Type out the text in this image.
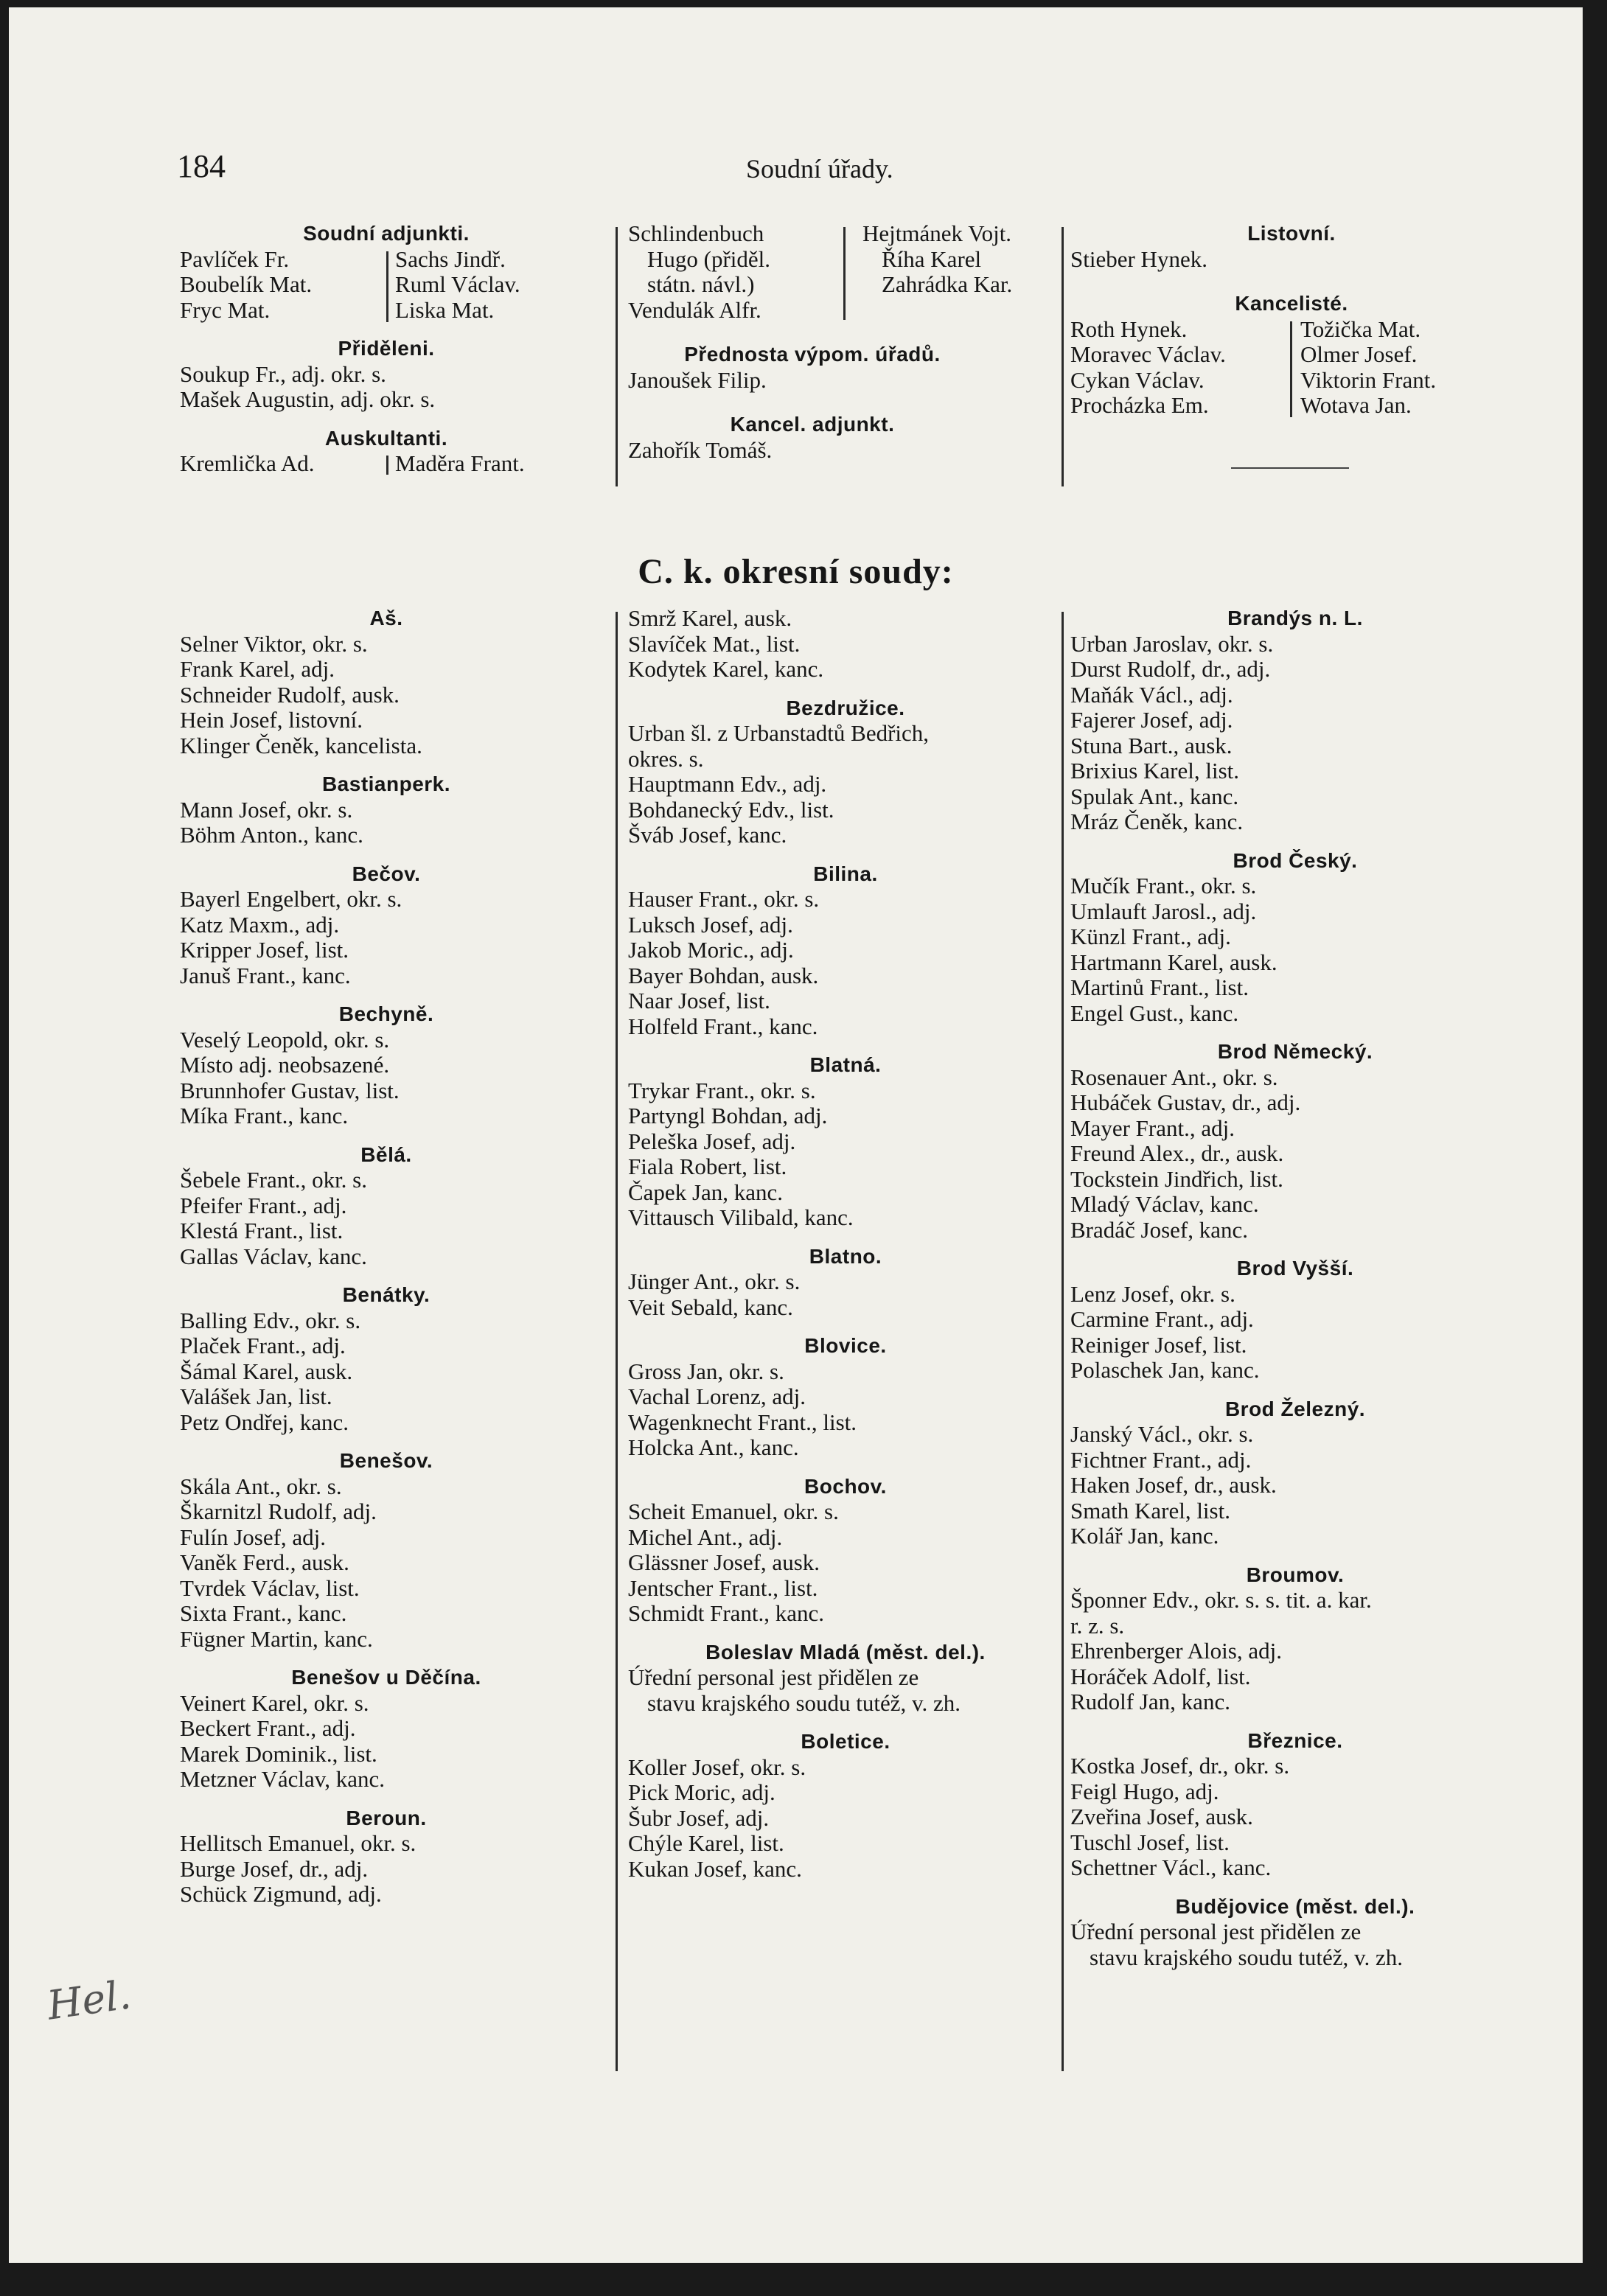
184	Soudní úřady.
Soudní adjunkti.
Pavlíček Fr.	Sachs Jindř.
Boubelík Mat.	Ruml Václav.
Fryc Mat.	Liska Mat.
Přiděleni.
Soukup Fr., adj. okr. s.
Mašek Augustin, adj. okr. s.
Auskultanti.
Kremlička Ad.	Maděra Frant.
Schlindenbuch	Hejtmánek Vojt.
Hugo (přiděl.	Říha Karel
státn. návl.)	Zahrádka Kar.
Vendulák Alfr.
Přednosta výpom. úřadů.
Janoušek Filip.
Kancel. adjunkt.
Zahořík Tomáš.
Listovní.
Stieber Hynek.
Kancelisté.
Roth Hynek.	Tožička Mat.
Moravec Václav.	Olmer Josef.
Cykan Václav.	Viktorin Frant.
Procházka Em.	Wotava Jan.
C. k. okresní soudy:
Aš.
Selner Viktor, okr. s.
Frank Karel, adj.
Schneider Rudolf, ausk.
Hein Josef, listovní.
Klinger Čeněk, kancelista.
Bastianperk.
Mann Josef, okr. s.
Böhm Anton., kanc.
Bečov.
Bayerl Engelbert, okr. s.
Katz Maxm., adj.
Kripper Josef, list.
Januš Frant., kanc.
Bechyně.
Veselý Leopold, okr. s.
Místo adj. neobsazené.
Brunnhofer Gustav, list.
Míka Frant., kanc.
Bělá.
Šebele Frant., okr. s.
Pfeifer Frant., adj.
Klestá Frant., list.
Gallas Václav, kanc.
Benátky.
Balling Edv., okr. s.
Plaček Frant., adj.
Šámal Karel, ausk.
Valášek Jan, list.
Petz Ondřej, kanc.
Benešov.
Skála Ant., okr. s.
Škarnitzl Rudolf, adj.
Fulín Josef, adj.
Vaněk Ferd., ausk.
Tvrdek Václav, list.
Sixta Frant., kanc.
Fügner Martin, kanc.
Benešov u Děčína.
Veinert Karel, okr. s.
Beckert Frant., adj.
Marek Dominik., list.
Metzner Václav, kanc.
Beroun.
Hellitsch Emanuel, okr. s.
Burge Josef, dr., adj.
Schück Zigmund, adj.
Smrž Karel, ausk.
Slavíček Mat., list.
Kodytek Karel, kanc.
Bezdružice.
Urban šl. z Urbanstadtů Bedřich,
okres. s.
Hauptmann Edv., adj.
Bohdanecký Edv., list.
Šváb Josef, kanc.
Bilina.
Hauser Frant., okr. s.
Luksch Josef, adj.
Jakob Moric., adj.
Bayer Bohdan, ausk.
Naar Josef, list.
Holfeld Frant., kanc.
Blatná.
Trykar Frant., okr. s.
Partyngl Bohdan, adj.
Peleška Josef, adj.
Fiala Robert, list.
Čapek Jan, kanc.
Vittausch Vilibald, kanc.
Blatno.
Jünger Ant., okr. s.
Veit Sebald, kanc.
Blovice.
Gross Jan, okr. s.
Vachal Lorenz, adj.
Wagenknecht Frant., list.
Holcka Ant., kanc.
Bochov.
Scheit Emanuel, okr. s.
Michel Ant., adj.
Glässner Josef, ausk.
Jentscher Frant., list.
Schmidt Frant., kanc.
Boleslav Mladá (měst. del.).
Úřední personal jest přidělen ze
stavu krajského soudu tutéž, v. zh.
Boletice.
Koller Josef, okr. s.
Pick Moric, adj.
Šubr Josef, adj.
Chýle Karel, list.
Kukan Josef, kanc.
Brandýs n. L.
Urban Jaroslav, okr. s.
Durst Rudolf, dr., adj.
Maňák Václ., adj.
Fajerer Josef, adj.
Stuna Bart., ausk.
Brixius Karel, list.
Spulak Ant., kanc.
Mráz Čeněk, kanc.
Brod Český.
Mučík Frant., okr. s.
Umlauft Jarosl., adj.
Künzl Frant., adj.
Hartmann Karel, ausk.
Martinů Frant., list.
Engel Gust., kanc.
Brod Německý.
Rosenauer Ant., okr. s.
Hubáček Gustav, dr., adj.
Mayer Frant., adj.
Freund Alex., dr., ausk.
Tockstein Jindřich, list.
Mladý Václav, kanc.
Bradáč Josef, kanc.
Brod Vyšší.
Lenz Josef, okr. s.
Carmine Frant., adj.
Reiniger Josef, list.
Polaschek Jan, kanc.
Brod Železný.
Janský Václ., okr. s.
Fichtner Frant., adj.
Haken Josef, dr., ausk.
Smath Karel, list.
Kolář Jan, kanc.
Broumov.
Šponner Edv., okr. s. s. tit. a. kar.
r. z. s.
Ehrenberger Alois, adj.
Horáček Adolf, list.
Rudolf Jan, kanc.
Březnice.
Kostka Josef, dr., okr. s.
Feigl Hugo, adj.
Zveřina Josef, ausk.
Tuschl Josef, list.
Schettner Václ., kanc.
Budějovice (měst. del.).
Úřední personal jest přidělen ze
stavu krajského soudu tutéž, v. zh.
Hel.
